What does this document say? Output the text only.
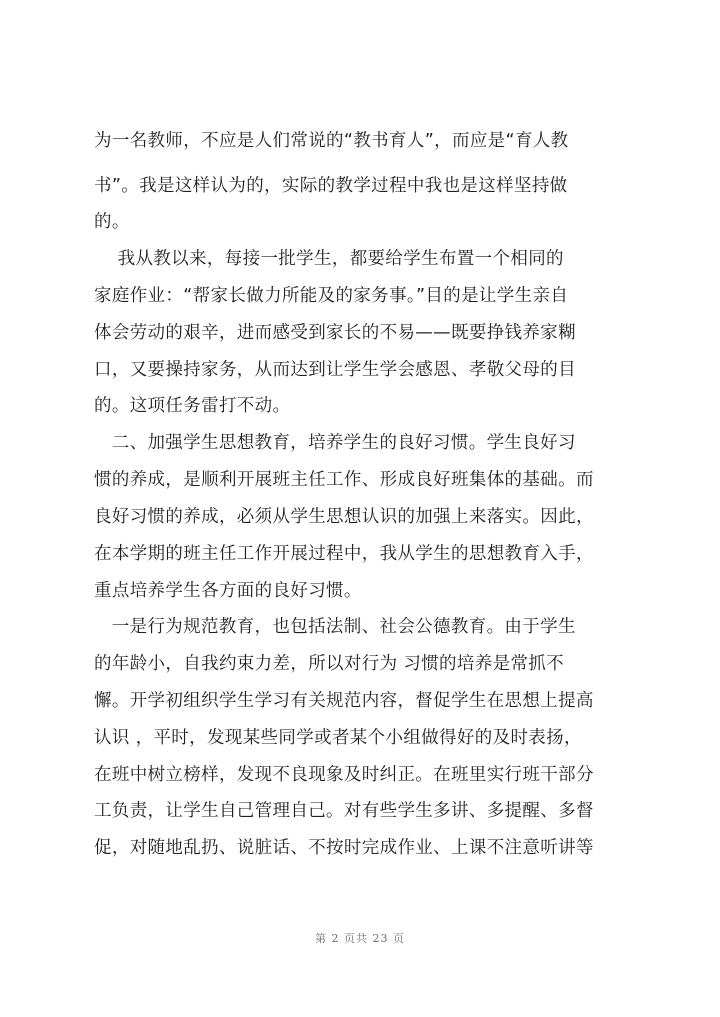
为一名教师，不应是人们常说的“教书育人”，而应是“育人教
书”。我是这样认为的，实际的教学过程中我也是这样坚持做
的。
我从教以来，每接一批学生，都要给学生布置一个相同的
家庭作业：“帮家长做力所能及的家务事。”目的是让学生亲自
体会劳动的艰辛，进而感受到家长的不易——既要挣钱养家糊
口，又要操持家务，从而达到让学生学会感恩、孝敬父母的目
的。这项任务雷打不动。
二、加强学生思想教育，培养学生的良好习惯。学生良好习
惯的养成，是顺利开展班主任工作、形成良好班集体的基础。而
良好习惯的养成，必须从学生思想认识的加强上来落实。因此，
在本学期的班主任工作开展过程中，我从学生的思想教育入手，
重点培养学生各方面的良好习惯。
一是行为规范教育，也包括法制、社会公德教育。由于学生
的年龄小，自我约束力差，所以对行为 习惯的培养是常抓不
懈。开学初组织学生学习有关规范内容，督促学生在思想上提高
认识 ，平时，发现某些同学或者某个小组做得好的及时表扬，
在班中树立榜样，发现不良现象及时纠正。在班里实行班干部分
工负责，让学生自己管理自己。对有些学生多讲、多提醒、多督
促，对随地乱扔、说脏话、不按时完成作业、上课不注意听讲等
第 2 页共 23 页
